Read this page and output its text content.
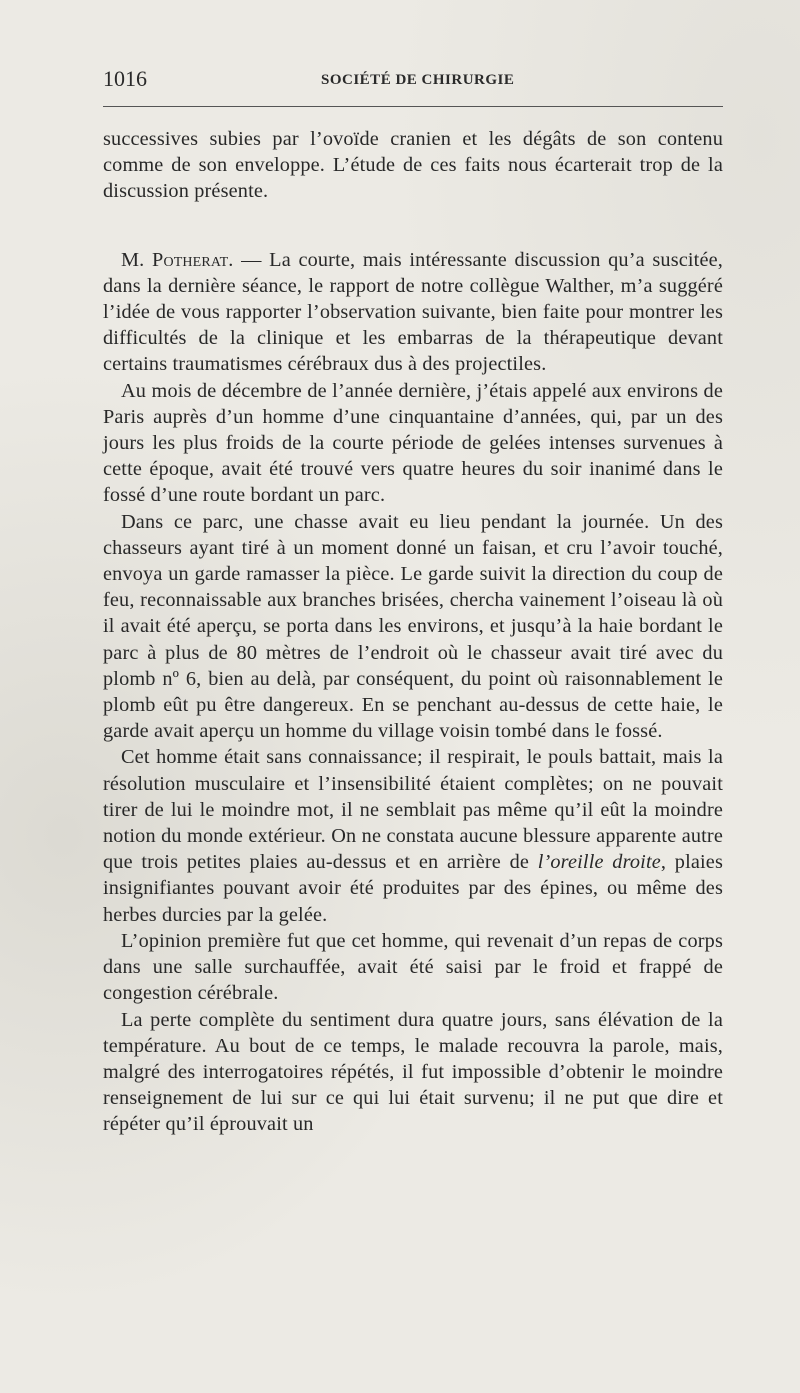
1016	SOCIÉTÉ DE CHIRURGIE

successives subies par l’ovoïde cranien et les dégâts de son contenu comme de son enveloppe. L’étude de ces faits nous écarterait trop de la discussion présente.

M. Potherat. — La courte, mais intéressante discussion qu’a suscitée, dans la dernière séance, le rapport de notre collègue Walther, m’a suggéré l’idée de vous rapporter l’observation suivante, bien faite pour montrer les difficultés de la clinique et les embarras de la thérapeutique devant certains traumatismes cérébraux dus à des projectiles.

Au mois de décembre de l’année dernière, j’étais appelé aux environs de Paris auprès d’un homme d’une cinquantaine d’années, qui, par un des jours les plus froids de la courte période de gelées intenses survenues à cette époque, avait été trouvé vers quatre heures du soir inanimé dans le fossé d’une route bordant un parc.

Dans ce parc, une chasse avait eu lieu pendant la journée. Un des chasseurs ayant tiré à un moment donné un faisan, et cru l’avoir touché, envoya un garde ramasser la pièce. Le garde suivit la direction du coup de feu, reconnaissable aux branches brisées, chercha vainement l’oiseau là où il avait été aperçu, se porta dans les environs, et jusqu’à la haie bordant le parc à plus de 80 mètres de l’endroit où le chasseur avait tiré avec du plomb nº 6, bien au delà, par conséquent, du point où raisonnablement le plomb eût pu être dangereux. En se penchant au-dessus de cette haie, le garde avait aperçu un homme du village voisin tombé dans le fossé.

Cet homme était sans connaissance; il respirait, le pouls battait, mais la résolution musculaire et l’insensibilité étaient complètes; on ne pouvait tirer de lui le moindre mot, il ne semblait pas même qu’il eût la moindre notion du monde extérieur. On ne constata aucune blessure apparente autre que trois petites plaies au-dessus et en arrière de l’oreille droite, plaies insignifiantes pouvant avoir été produites par des épines, ou même des herbes durcies par la gelée.

L’opinion première fut que cet homme, qui revenait d’un repas de corps dans une salle surchauffée, avait été saisi par le froid et frappé de congestion cérébrale.

La perte complète du sentiment dura quatre jours, sans élévation de la température. Au bout de ce temps, le malade recouvra la parole, mais, malgré des interrogatoires répétés, il fut impossible d’obtenir le moindre renseignement de lui sur ce qui lui était survenu; il ne put que dire et répéter qu’il éprouvait un
